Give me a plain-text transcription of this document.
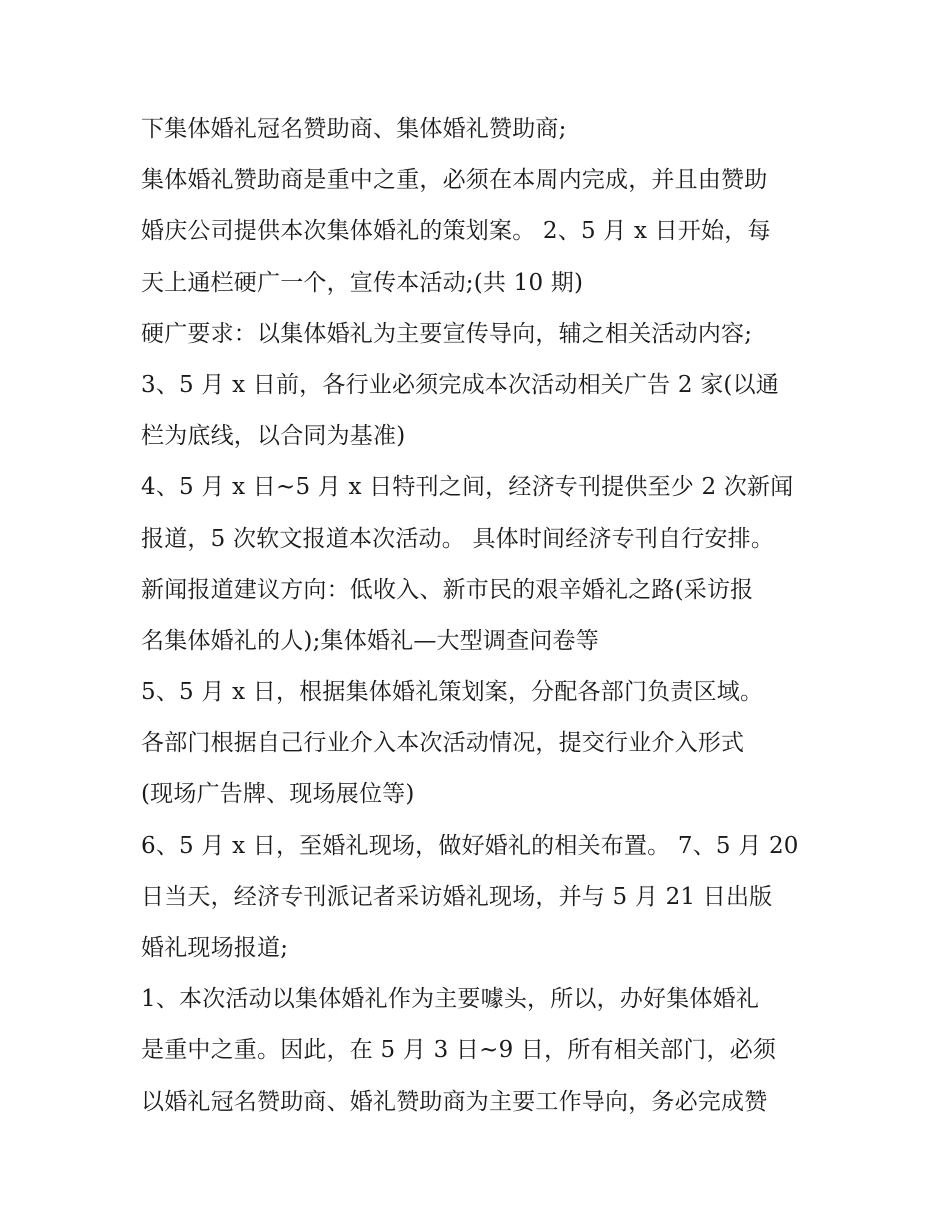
下集体婚礼冠名赞助商、集体婚礼赞助商;
集体婚礼赞助商是重中之重，必须在本周内完成，并且由赞助
婚庆公司提供本次集体婚礼的策划案。 2、5 月 x 日开始，每
天上通栏硬广一个，宣传本活动;(共 10 期)
硬广要求：以集体婚礼为主要宣传导向，辅之相关活动内容;
3、5 月 x 日前，各行业必须完成本次活动相关广告 2 家(以通
栏为底线，以合同为基准)
4、5 月 x 日~5 月 x 日特刊之间，经济专刊提供至少 2 次新闻
报道，5 次软文报道本次活动。 具体时间经济专刊自行安排。
新闻报道建议方向：低收入、新市民的艰辛婚礼之路(采访报
名集体婚礼的人);集体婚礼—大型调查问卷等
5、5 月 x 日，根据集体婚礼策划案，分配各部门负责区域。
各部门根据自己行业介入本次活动情况，提交行业介入形式
(现场广告牌、现场展位等)
6、5 月 x 日，至婚礼现场，做好婚礼的相关布置。 7、5 月 20
日当天，经济专刊派记者采访婚礼现场，并与 5 月 21 日出版
婚礼现场报道;
1、本次活动以集体婚礼作为主要噱头，所以，办好集体婚礼
是重中之重。因此，在 5 月 3 日~9 日，所有相关部门，必须
以婚礼冠名赞助商、婚礼赞助商为主要工作导向，务必完成赞
